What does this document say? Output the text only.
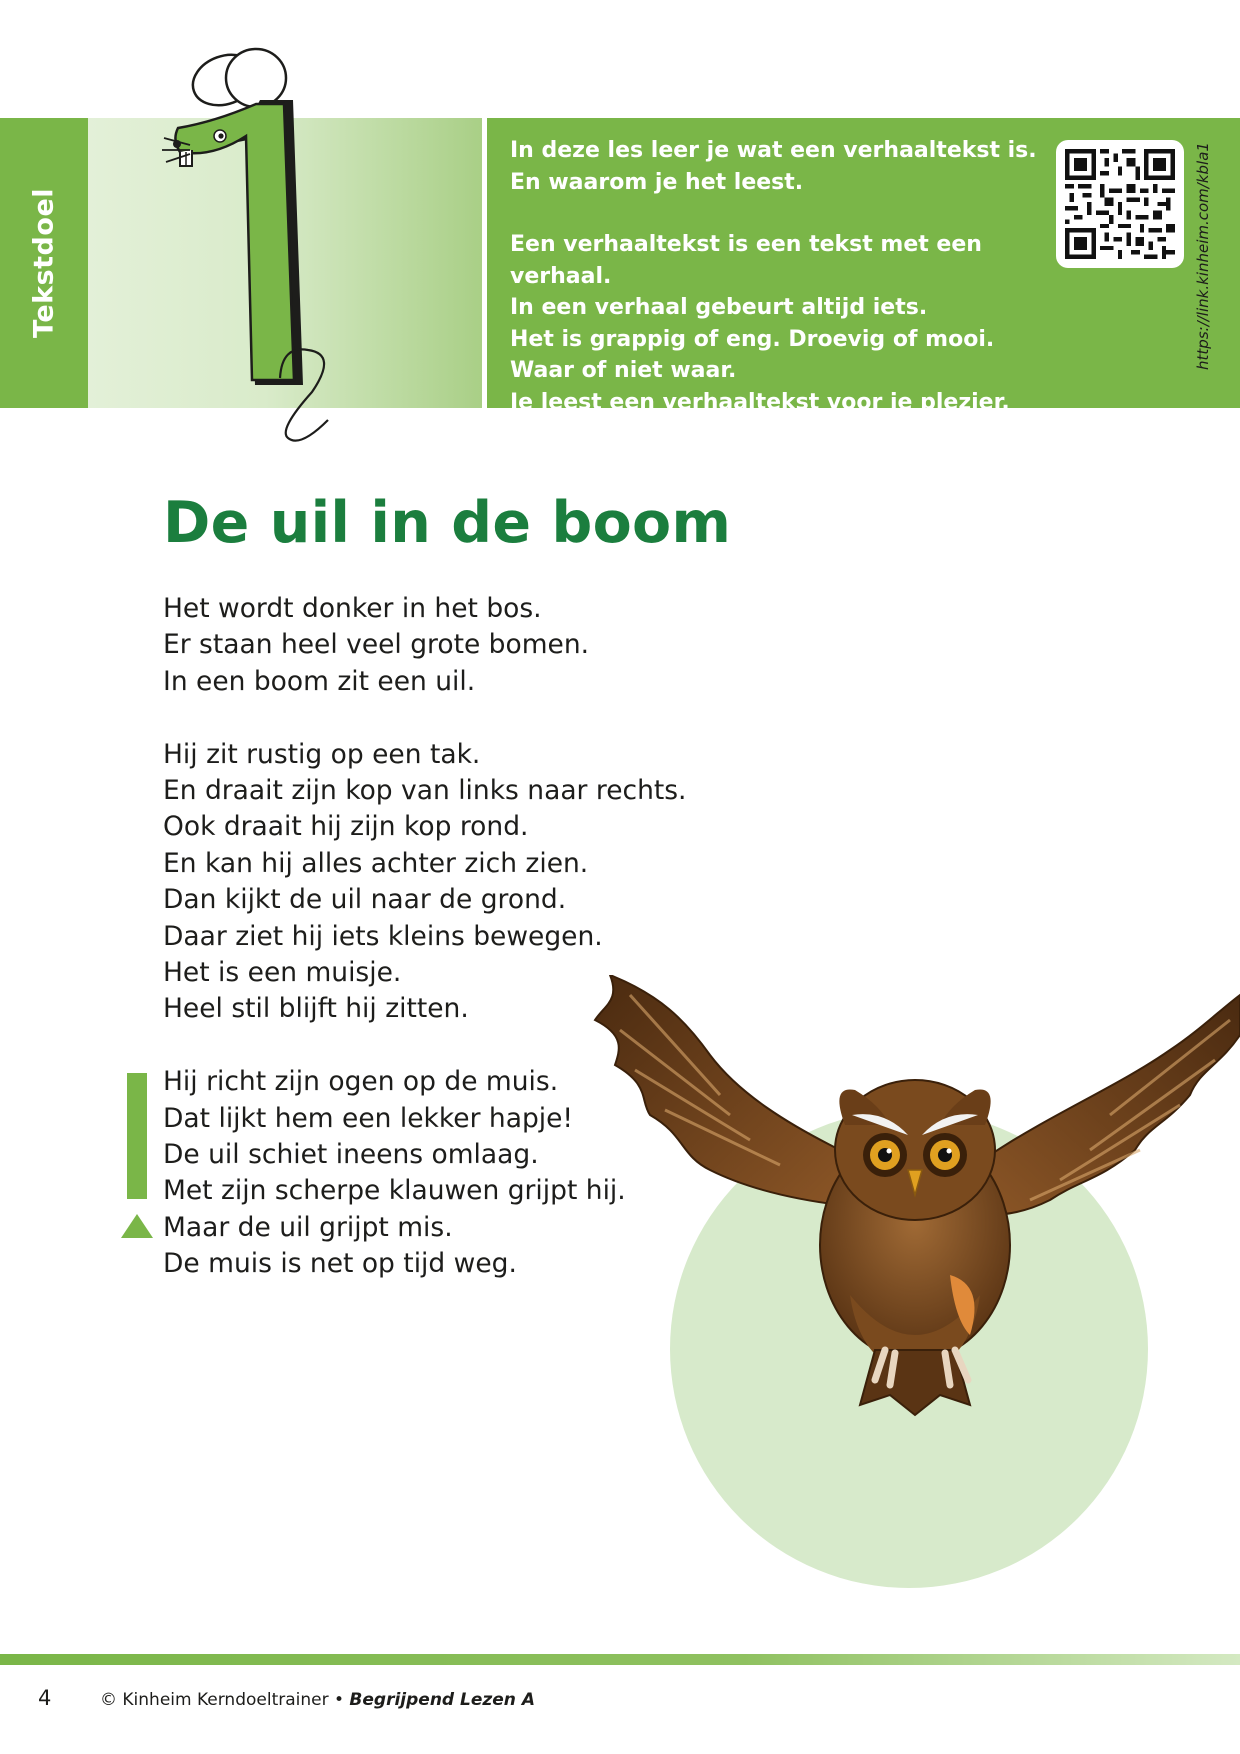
Tekstdoel

In deze les leer je wat een verhaaltekst is.

En waarom je het leest.

Een verhaaltekst is een tekst met een verhaal.

In een verhaal gebeurt altijd iets.

Het is grappig of eng. Droevig of mooi.

Waar of niet waar.

Je leest een verhaaltekst voor je plezier.

https://link.kinheim.com/kbla1
De uil in de boom
Het wordt donker in het bos.
Er staan heel veel grote bomen.
In een boom zit een uil.
Hij zit rustig op een tak.
En draait zijn kop van links naar rechts.
Ook draait hij zijn kop rond.
En kan hij alles achter zich zien.
Dan kijkt de uil naar de grond.
Daar ziet hij iets kleins bewegen.
Het is een muisje.
Heel stil blijft hij zitten.
Hij richt zijn ogen op de muis.
Dat lijkt hem een lekker hapje!
De uil schiet ineens omlaag.
Met zijn scherpe klauwen grijpt hij.
Maar de uil grijpt mis.
De muis is net op tijd weg.
4	© Kinheim Kerndoeltrainer • Begrijpend Lezen A
